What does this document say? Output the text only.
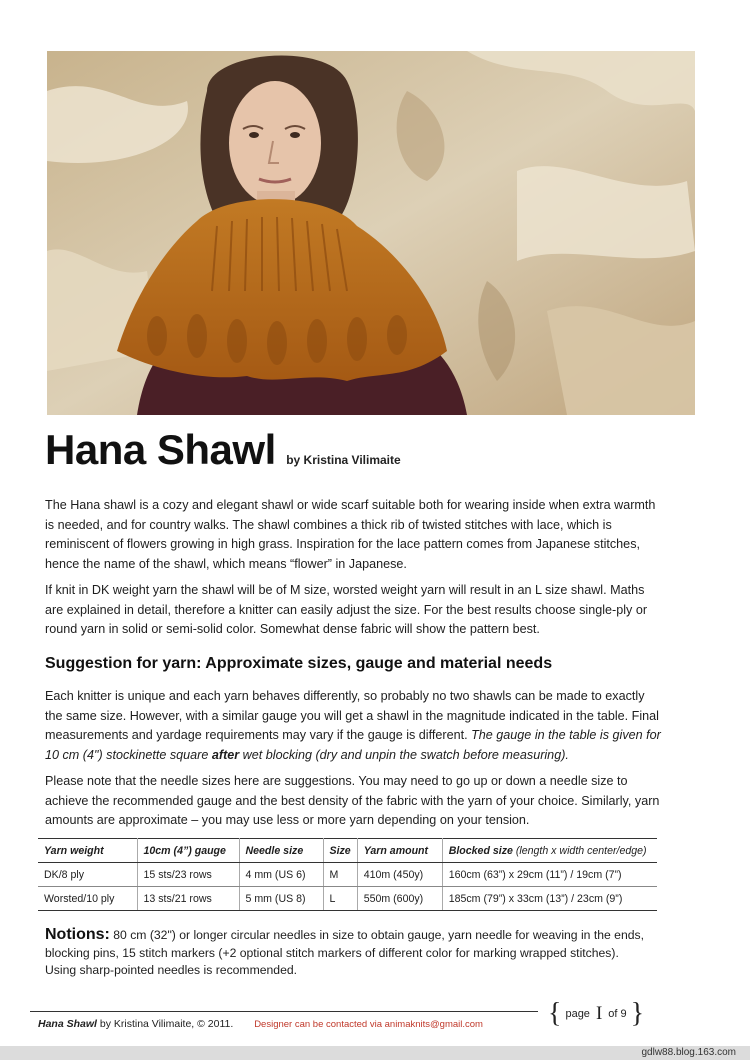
Hana Shawl by Kristina Vilimaite

The Hana shawl is a cozy and elegant shawl or wide scarf suitable both for wearing inside when extra warmth is needed, and for country walks. The shawl combines a thick rib of twisted stitches with lace, which is reminiscent of flowers growing in high grass. Inspiration for the lace pattern comes from Japanese stitches, hence the name of the shawl, which means “flower” in Japanese.

If knit in DK weight yarn the shawl will be of M size, worsted weight yarn will result in an L size shawl. Maths are explained in detail, therefore a knitter can easily adjust the size. For the best results choose single-ply or round yarn in solid or semi-solid color. Somewhat dense fabric will show the pattern best.

Suggestion for yarn: Approximate sizes, gauge and material needs

Each knitter is unique and each yarn behaves differently, so probably no two shawls can be made to exactly the same size. However, with a similar gauge you will get a shawl in the magnitude indicated in the table. Final measurements and yardage requirements may vary if the gauge is different. The gauge in the table is given for 10 cm (4") stockinette square after wet blocking (dry and unpin the swatch before measuring).

Please note that the needle sizes here are suggestions. You may need to go up or down a needle size to achieve the recommended gauge and the best density of the fabric with the yarn of your choice. Similarly, yarn amounts are approximate – you may use less or more yarn depending on your tension.

Yarn weight	10cm (4”) gauge	Needle size	Size	Yarn amount	Blocked size (length x width center/edge)
DK/8 ply	15 sts/23 rows	4 mm (US 6)	M	410m (450y)	160cm (63”) x 29cm (11”) / 19cm (7”)
Worsted/10 ply	13 sts/21 rows	5 mm (US 8)	L	550m (600y)	185cm (79”) x 33cm (13”) / 23cm (9”)
Notions: 80 cm (32") or longer circular needles in size to obtain gauge, yarn needle for weaving in the ends, blocking pins, 15 stitch markers (+2 optional stitch markers of different color for marking wrapped stitches). Using sharp-pointed needles is recommended.
Hana Shawl by Kristina Vilimaite, © 2011. Designer can be contacted via animaknits@gmail.com { page I of 9 }
gdlw88.blog.163.com
